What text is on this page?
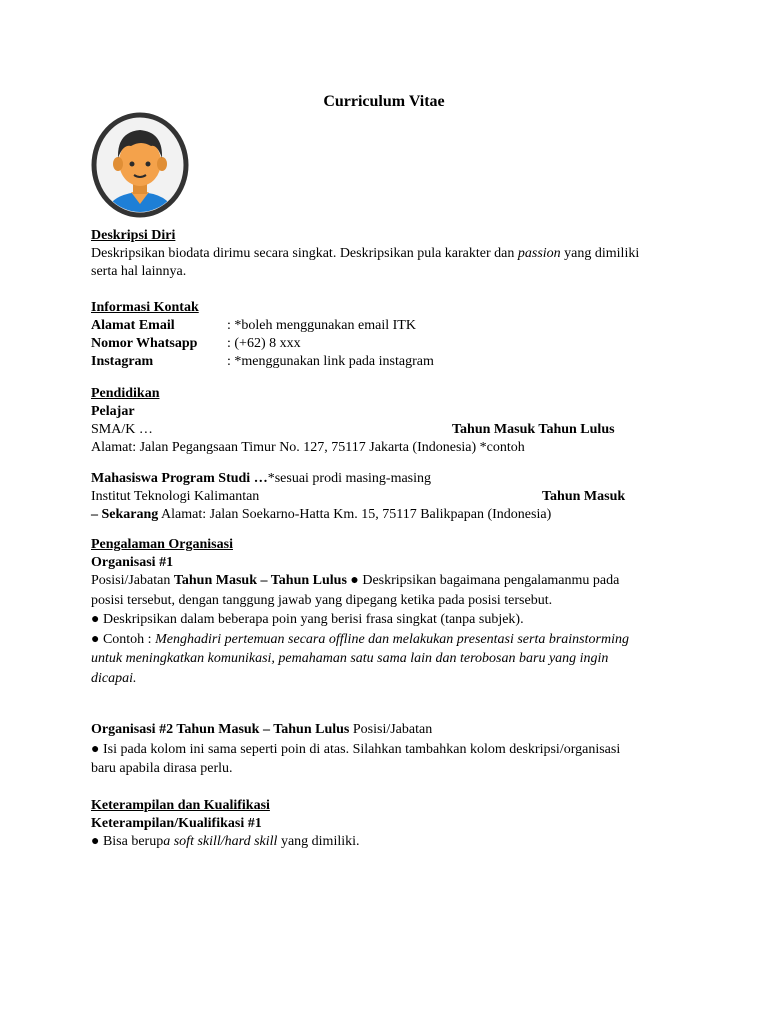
Curriculum Vitae
Deskripsi Diri
Deskripsikan biodata dirimu secara singkat. Deskripsikan pula karakter dan passion yang dimiliki
serta hal lainnya.
Informasi Kontak
Alamat Email	: *boleh menggunakan email ITK
Nomor Whatsapp : (+62) 8 xxx
Instagram	: *menggunakan link pada instagram
Pendidikan
Pelajar
SMA/K …	Tahun Masuk Tahun Lulus
Alamat: Jalan Pegangsaan Timur No. 127, 75117 Jakarta (Indonesia) *contoh
Mahasiswa Program Studi …*sesuai prodi masing-masing
Institut Teknologi Kalimantan	Tahun Masuk
– Sekarang Alamat: Jalan Soekarno-Hatta Km. 15, 75117 Balikpapan (Indonesia)
Pengalaman Organisasi
Organisasi #1

Posisi/Jabatan Tahun Masuk – Tahun Lulus ● Deskripsikan bagaimana pengalamanmu pada

posisi tersebut, dengan tanggung jawab yang dipegang ketika pada posisi tersebut.

● Deskripsikan dalam beberapa poin yang berisi frasa singkat (tanpa subjek).

● Contoh : Menghadiri pertemuan secara offline dan melakukan presentasi serta brainstorming

untuk meningkatkan komunikasi, pemahaman satu sama lain dan terobosan baru yang ingin

dicapai.

Organisasi #2 Tahun Masuk – Tahun Lulus Posisi/Jabatan

● Isi pada kolom ini sama seperti poin di atas. Silahkan tambahkan kolom deskripsi/organisasi

baru apabila dirasa perlu.

Keterampilan dan Kualifikasi
Keterampilan/Kualifikasi #1
● Bisa berupa soft skill/hard skill yang dimiliki.
